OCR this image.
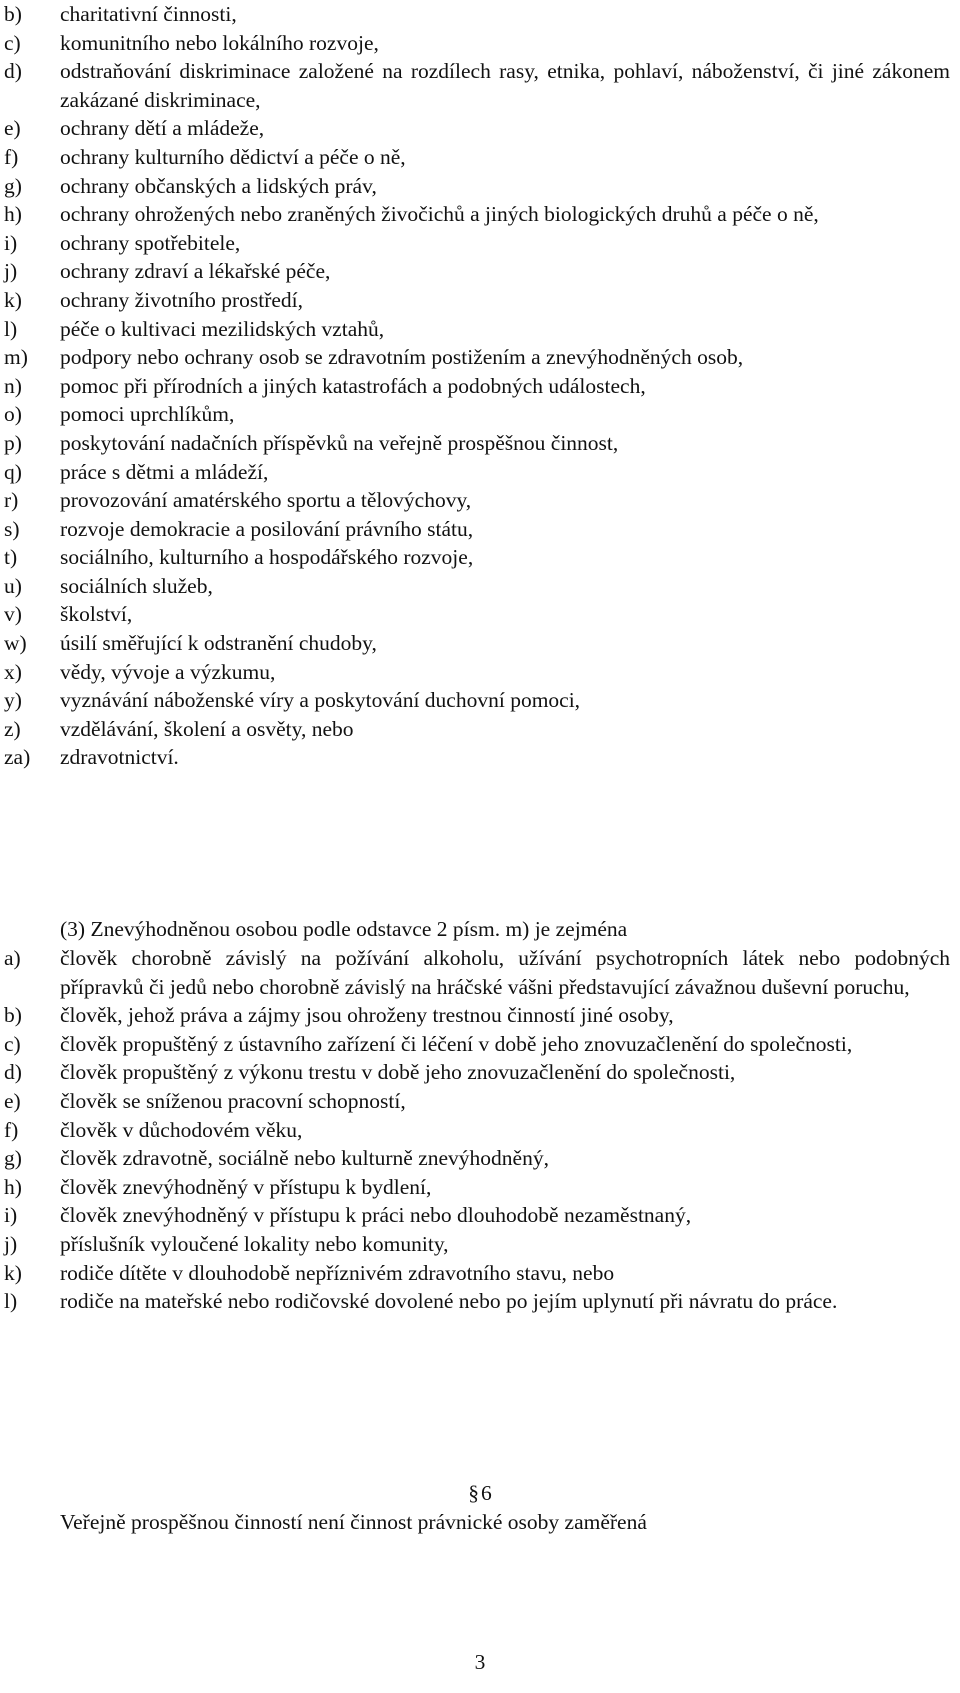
b)	charitativní činnosti,
c)	komunitního nebo lokálního rozvoje,
d)	odstraňování diskriminace založené na rozdílech rasy, etnika, pohlaví, náboženství, či jiné zákonem zakázané diskriminace,
e)	ochrany dětí a mládeže,
f)	ochrany kulturního dědictví a péče o ně,
g)	ochrany občanských a lidských práv,
h)	ochrany ohrožených nebo zraněných živočichů a jiných biologických druhů a péče o ně,
i)	ochrany spotřebitele,
j)	ochrany zdraví a lékařské péče,
k)	ochrany životního prostředí,
l)	péče o kultivaci mezilidských vztahů,
m)	podpory nebo ochrany osob se zdravotním postižením a znevýhodněných osob,
n)	pomoc při přírodních a jiných katastrofách a podobných událostech,
o)	pomoci uprchlíkům,
p)	poskytování nadačních příspěvků na veřejně prospěšnou činnost,
q)	práce s dětmi a mládeží,
r)	provozování amatérského sportu a tělovýchovy,
s)	rozvoje demokracie a posilování právního státu,
t)	sociálního, kulturního a hospodářského rozvoje,
u)	sociálních služeb,
v)	školství,
w)	úsilí směřující k odstranění chudoby,
x)	vědy, vývoje a výzkumu,
y)	vyznávání náboženské víry a poskytování duchovní pomoci,
z)	vzdělávání, školení a osvěty, nebo
za)	zdravotnictví.
(3) Znevýhodněnou osobou podle odstavce 2 písm. m) je zejména
a)	člověk chorobně závislý na požívání alkoholu, užívání psychotropních látek nebo podobných přípravků či jedů nebo chorobně závislý na hráčské vášni představující závažnou duševní poruchu,
b)	člověk, jehož práva a zájmy jsou ohroženy trestnou činností jiné osoby,
c)	člověk propuštěný z ústavního zařízení či léčení v době jeho znovuzačlenění do společnosti,
d)	člověk propuštěný z výkonu trestu v době jeho znovuzačlenění do společnosti,
e)	člověk se sníženou pracovní schopností,
f)	člověk v důchodovém věku,
g)	člověk zdravotně, sociálně nebo kulturně znevýhodněný,
h)	člověk znevýhodněný v přístupu k bydlení,
i)	člověk znevýhodněný v přístupu k práci nebo dlouhodobě nezaměstnaný,
j)	příslušník vyloučené lokality nebo komunity,
k)	rodiče dítěte v dlouhodobě nepříznivém zdravotního stavu, nebo
l)	rodiče na mateřské nebo rodičovské dovolené nebo po jejím uplynutí při návratu do práce.
§6
Veřejně prospěšnou činností není činnost právnické osoby zaměřená
3
